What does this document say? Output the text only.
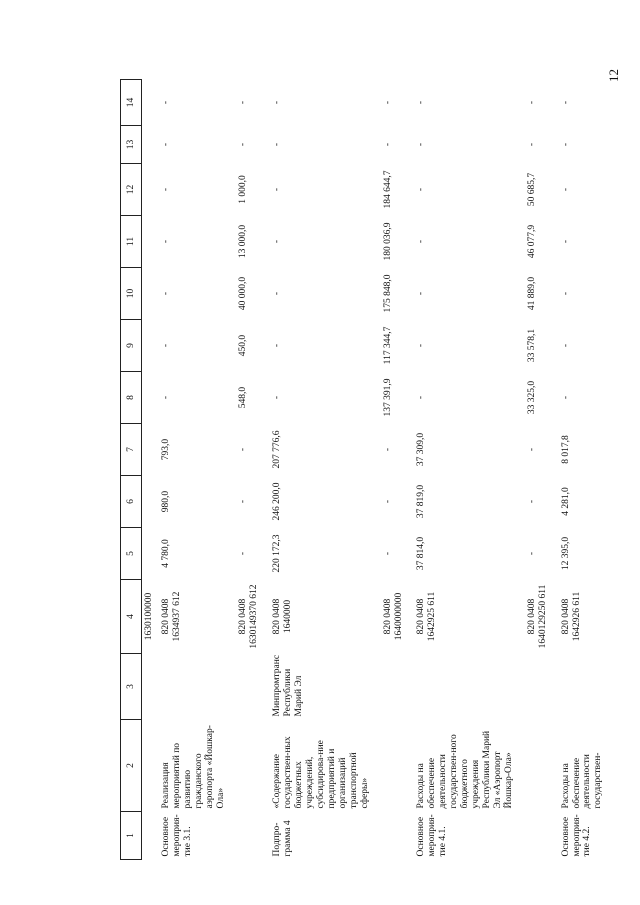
12
1	2	3	4	5	6	7	8	9	10	11	12	13	14
			1630100000										
Основное мероприя-тие 3.1.	Реализация мероприятий по развитию гражданского аэропорта «Йошкар-Ола»		820 0408 1634937 612	4 780,0	980,0	793,0	-	-	-	-	-	-	-
			820 0408 1630149370 612	-	-	-	548,0	450,0	40 000,0	13 000,0	1 000,0	-	-
Подпро-грамма 4	«Содержание государствен-ных бюджетных учреждений, субсидирова-ние предприятий и организаций транспортной сферы»	Минпромтранс Республики Марий Эл	820 0408 1640000	220 172,3	246 200,0	207 776,6	-	-	-	-	-	-	-
			820 0408 1640000000	-	-	-	137 391,9	117 344,7	175 848,0	180 036,9	184 644,7	-	-
Основное мероприя-тие 4.1.	Расходы на обеспечение деятельности государствен-ного бюджетного учреждения Республики Марий Эл «Аэропорт Йошкар-Ола»		820 0408 1642925 611	37 814,0	37 819,0	37 309,0	-	-	-	-	-	-	-
			820 0408 1640129250 611	-	-	-	33 325,0	33 578,1	41 889,0	46 077,9	50 685,7	-	-
Основное мероприя-тие 4.2.	Расходы на обеспечение деятельности государствен-		820 0408 1642926 611	12 395,0	4 281,0	8 017,8	-	-	-	-	-	-	-
